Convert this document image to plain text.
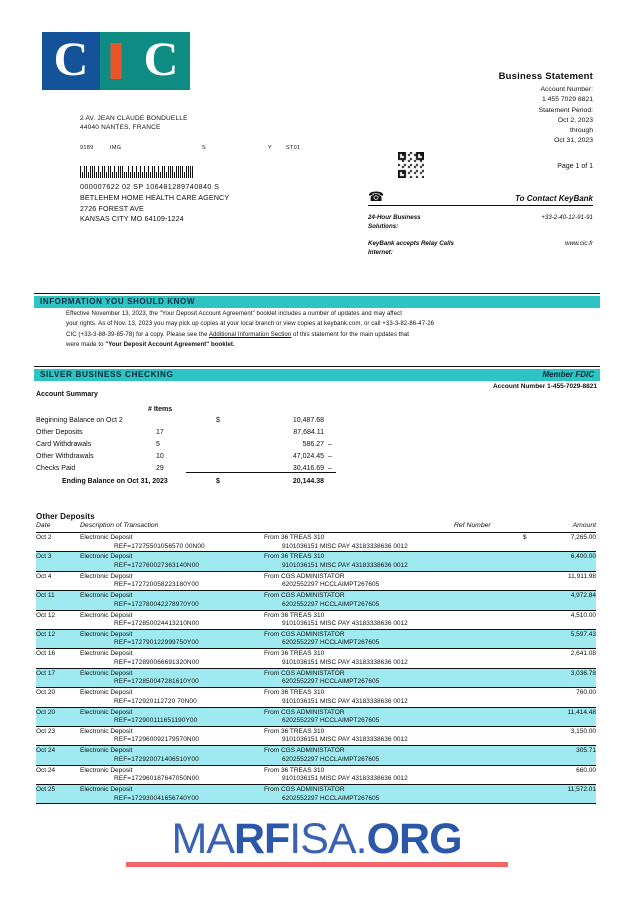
C C
2 AV. JEAN CLAUDE BONDUELLE
44040 NANTES, FRANCE
9189	IMG	S	Y	ST01
000007622 02 SP 106481289740840 S
BETLEHEM HOME HEALTH CARE AGENCY
2726 FOREST AVE
KANSAS CITY MO 64109-1224
Business Statement
Account Number:
1 455 7029 8821
Statement Period:
Oct 2, 2023
through
Oct 31, 2023
Page 1 of 1
☎	To Contact KeyBank
24-Hour Business
Solutions:
+33-2-40-12-91-91
KeyBank accepts Relay Calls
Internet:
www.cic.fr
INFORMATION YOU SHOULD KNOW
Effective November 13, 2023, the "Your Deposit Account Agreement" booklet includes a number of updates and may affect
your rights. As of Nov. 13, 2023 you may pick up copies at your local branch or view copies at keybank.com, or call +33-3-82-86-47-26
CIC (+33-3-88-39-85-78) for a copy. Please see the Additional Information Section of this statement for the main updates that
were made to "Your Deposit Account Agreement" booklet.
SILVER BUSINESS CHECKING	Member FDIC
Account Number 1-455-7029-8821
Account Summary
# Items
Beginning Balance on Oct 2	$	10,487.68
Other Deposits	17	87,684.11
Card Withdrawals	5	586.27 –
Other Withdrawals	10	47,024.45 –
Checks Paid	29	30,416.69 –
Ending Balance on Oct 31, 2023	$	20,144.38
Other Deposits
Date	Description of Transaction	Ref Number	Amount
Oct 2	Electronic Deposit
REF=17275501056570 00N00
From 36 TREAS 310
9101036151 MISC PAY 43183338636 0012
$	7,265.00
Oct 3	Electronic Deposit
REF=172760027363140N00
From 36 TREAS 310
9101036151 MISC PAY 43183338636 0012
6,400.00
Oct 4	Electronic Deposit
REF=172720058223180Y00
From CGS ADMINISTATOR
6202552297 HCCLAIMPT267605
11,911.98
Oct 11	Electronic Deposit
REF=172780042278970Y00
From CGS ADMINISTATOR
6202552297 HCCLAIMPT267605
4,972.84
Oct 12	Electronic Deposit
REF=172850024413210N00
From 36 TREAS 310
9101036151 MISC PAY 43183338636 0012
4,510.00
Oct 12	Electronic Deposit
REF=172790122999750Y00
From CGS ADMINISTATOR
6202552297 HCCLAIMPT267605
5,597.43
Oct 16	Electronic Deposit
REF=172890066691320N00
From 36 TREAS 310
9101036151 MISC PAY 43183338636 0012
2,641.08
Oct 17	Electronic Deposit
REF=172850047281610Y00
From CGS ADMINISTATOR
6202552297 HCCLAIMPT267605
3,036.78
Oct 20	Electronic Deposit
REF=172920112720 70N00
From 36 TREAS 310
9101036151 MISC PAY 43183338636 0012
760.00
Oct 20	Electronic Deposit
REF=172900111651190Y00
From CGS ADMINISTATOR
6202552297 HCCLAIMPT267605
11,414.48
Oct 23	Electronic Deposit
REF=172960092179570N00
From 36 TREAS 310
9101036151 MISC PAY 43183338636 0012
3,150.00
Oct 24	Electronic Deposit
REF=172920071406510Y00
From CGS ADMINISTATOR
6202552297 HCCLAIMPT267605
305.71
Oct 24	Electronic Deposit
REF=172960187647050N00
From 36 TREAS 310
9101036151 MISC PAY 43183338636 0012
660.00
Oct 25	Electronic Deposit
REF=172930041656740Y00
From CGS ADMINISTATOR
6202552297 HCCLAIMPT267605
11,572.01
MARFISA.ORG
